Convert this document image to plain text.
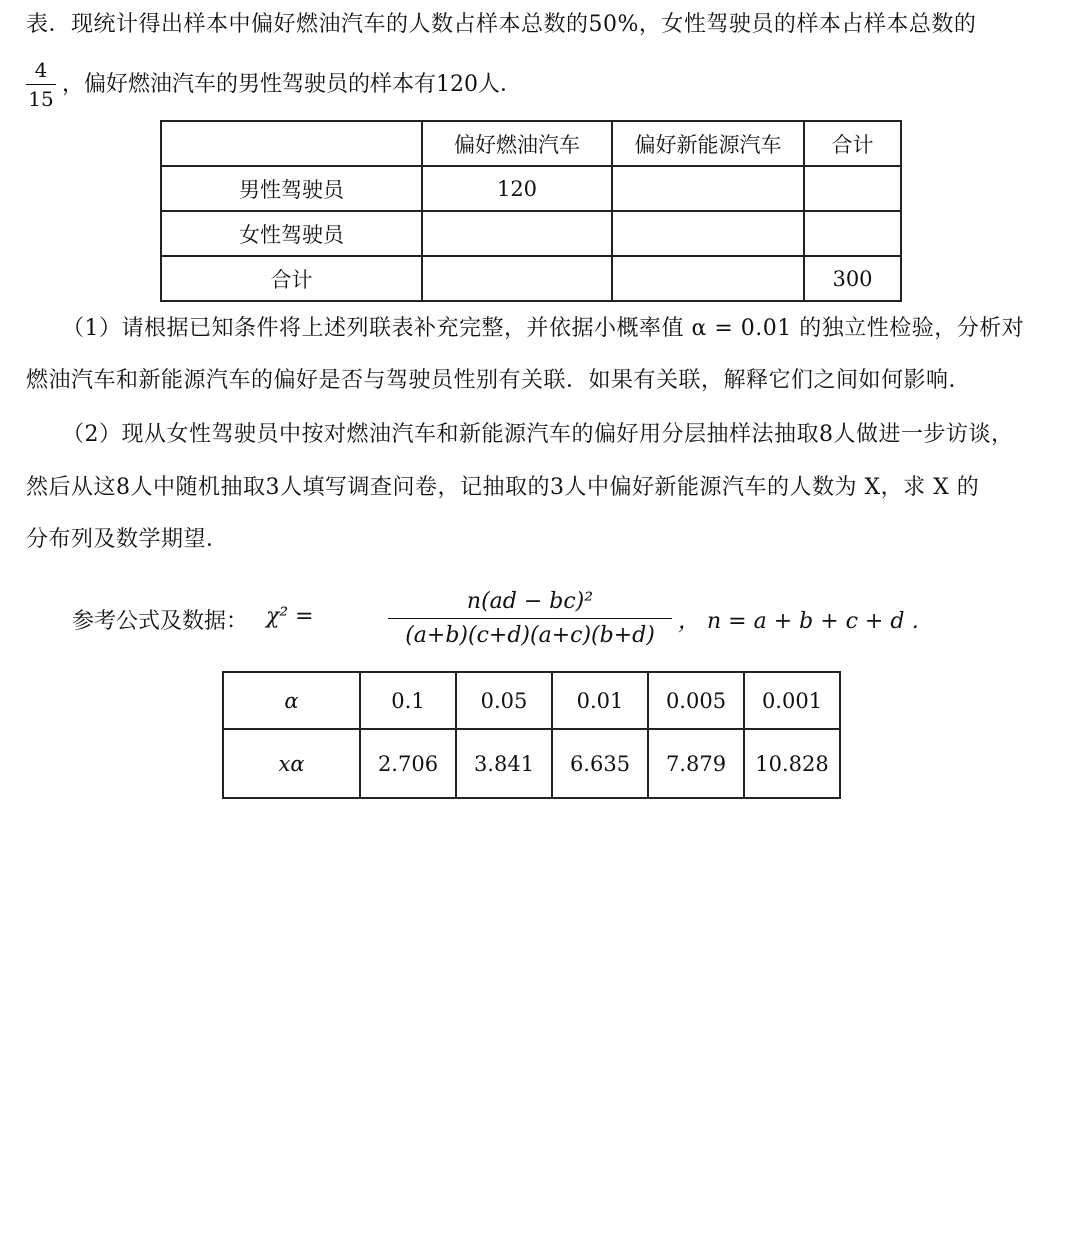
表．现统计得出样本中偏好燃油汽车的人数占样本总数的50%，女性驾驶员的样本占样本总数的
$\frac{4}{15}$ ，偏好燃油汽车的男性驾驶员的样本有120人．
	偏好燃油汽车	偏好新能源汽车	合计
男性驾驶员	120		
女性驾驶员			
合计			300
（1）请根据已知条件将上述列联表补充完整，并依据小概率值 α = 0.01 的独立性检验，分析对
燃油汽车和新能源汽车的偏好是否与驾驶员性别有关联．如果有关联，解释它们之间如何影响．
（2）现从女性驾驶员中按对燃油汽车和新能源汽车的偏好用分层抽样法抽取8人做进一步访谈，
然后从这8人中随机抽取3人填写调查问卷，记抽取的3人中偏好新能源汽车的人数为 X，求 X 的
分布列及数学期望．
参考公式及数据： χ² =	$\frac{\text{n(ad − bc)²}}{(a+b)(c+d)(a+c)(b+d)}$ ， n = a + b + c + d ．
α	0.1	0.05	0.01	0.005	0.001
xα	2.706	3.841	6.635	7.879	10.828
